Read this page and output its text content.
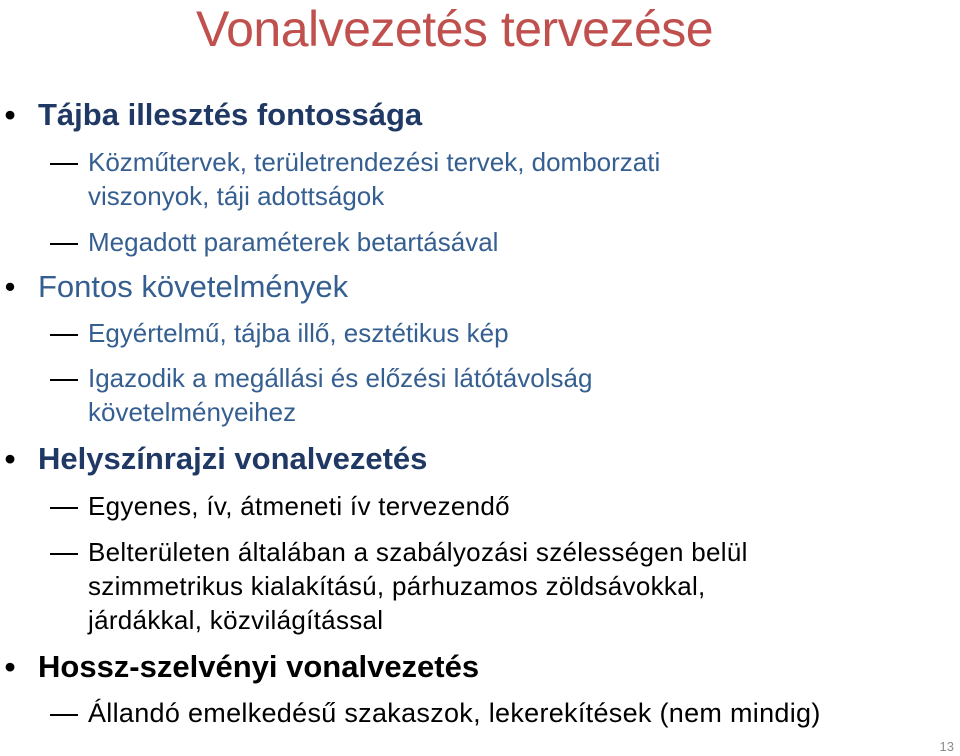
Vonalvezetés tervezése
• Tájba illesztés fontossága
Közműtervek, területrendezési tervek, domborzati
viszonyok, táji adottságok
Megadott paraméterek betartásával
• Fontos követelmények
Egyértelmű, tájba illő, esztétikus kép
Igazodik a megállási és előzési látótávolság
követelményeihez
• Helyszínrajzi vonalvezetés
Egyenes, ív, átmeneti ív tervezendő
Belterületen általában a szabályozási szélességen belül
szimmetrikus kialakítású, párhuzamos zöldsávokkal,
járdákkal, közvilágítással
• Hossz-szelvényi vonalvezetés
Állandó emelkedésű szakaszok, lekerekítések (nem mindig)
13
